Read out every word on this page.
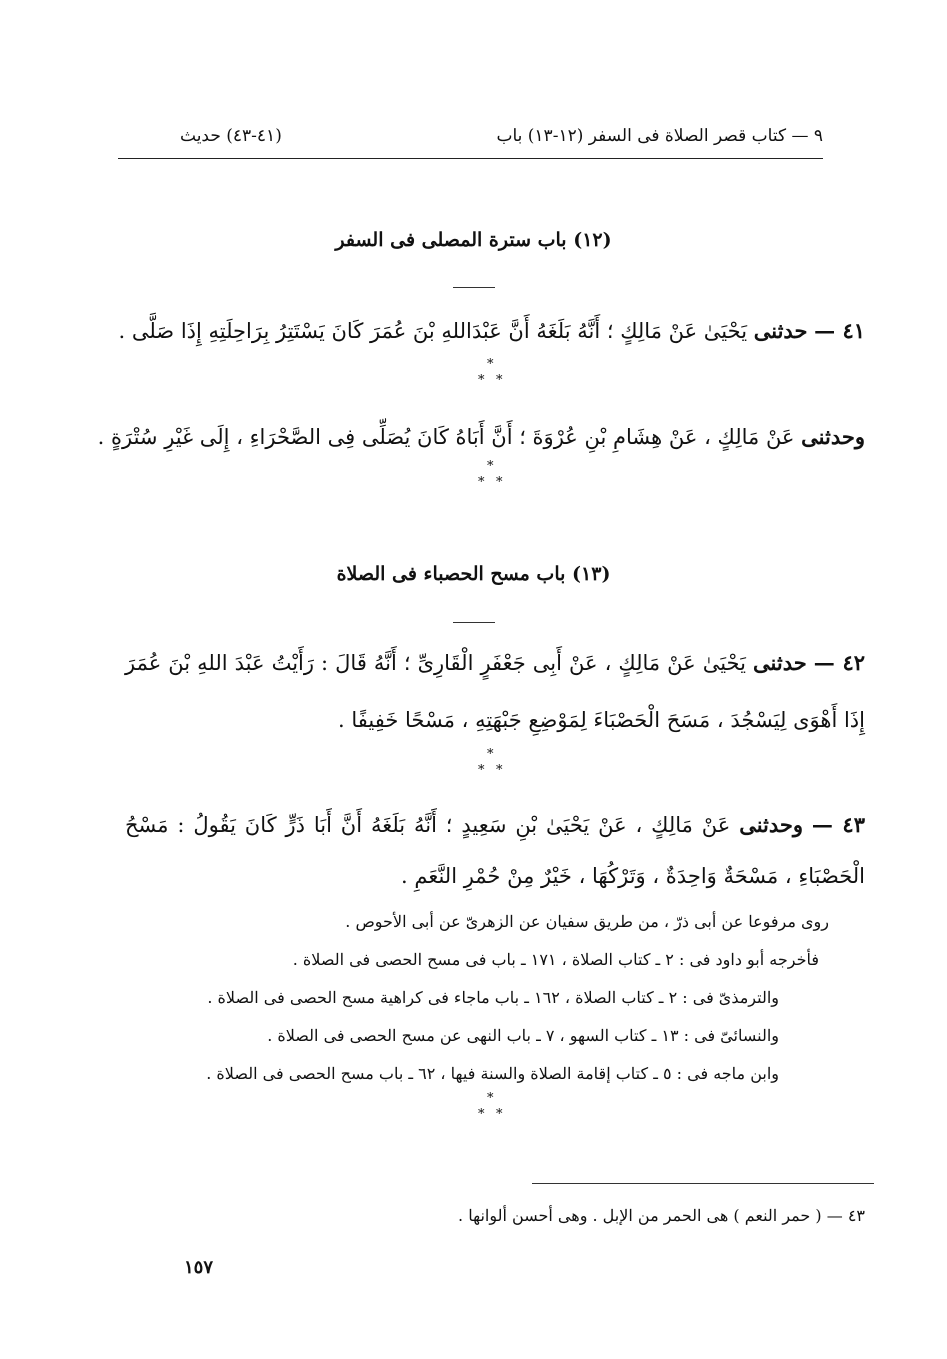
٩ — كتاب قصر الصلاة فى السفر (١٢-١٣) باب
(٤١-٤٣) حديث
(١٢) باب سترة المصلى فى السفر
٤١ — حدثنى يَحْيَىٰ عَنْ مَالِكٍ ؛ أَنَّهُ بَلَغَهُ أَنَّ عَبْدَاللهِ بْنَ عُمَرَ كَانَ يَسْتَتِرُ بِرَاحِلَتِهِ إِذَا صَلَّى .
*
* *
وحدثنى عَنْ مَالِكٍ ، عَنْ هِشَامِ بْنِ عُرْوَةَ ؛ أَنَّ أَبَاهُ كَانَ يُصَلِّى فِى الصَّحْرَاءِ ، إِلَى غَيْرِ سُتْرَةٍ .
*
* *
(١٣) باب مسح الحصباء فى الصلاة
٤٢ — حدثنى يَحْيَىٰ عَنْ مَالِكٍ ، عَنْ أَبِى جَعْفَرٍ الْقَارِىِّ ؛ أَنَّهُ قَالَ : رَأَيْتُ عَبْدَ اللهِ بْنَ عُمَرَ
إِذَا أَهْوَى لِيَسْجُدَ ، مَسَحَ الْحَصْبَاءَ لِمَوْضِعِ جَبْهَتِهِ ، مَسْحًا خَفِيفًا .
*
* *
٤٣ — وحدثنى عَنْ مَالِكٍ ، عَنْ يَحْيَىٰ بْنِ سَعِيدٍ ؛ أَنَّهُ بَلَغَهُ أَنَّ أَبَا ذَرٍّ كَانَ يَقُولُ : مَسْحُ
الْحَصْبَاءِ ، مَسْحَةٌ وَاحِدَةٌ ، وَتَرْكُهَا ، خَيْرٌ مِنْ حُمْرِ النَّعَمِ .
روى مرفوعا عن أبى ذرّ ، من طريق سفيان عن الزهرىّ عن أبى الأحوص .
فأخرجه أبو داود فى : ٢ ـ كتاب الصلاة ، ١٧١ ـ باب فى مسح الحصى فى الصلاة .
والترمذىّ فى : ٢ ـ كتاب الصلاة ، ١٦٢ ـ باب ماجاء فى كراهية مسح الحصى فى الصلاة .
والنسائىّ فى : ١٣ ـ كتاب السهو ، ٧ ـ باب النهى عن مسح الحصى فى الصلاة .
وابن ماجه فى : ٥ ـ كتاب إقامة الصلاة والسنة فيها ، ٦٢ ـ باب مسح الحصى فى الصلاة .
*
* *
٤٣ — ( حمر النعم ) هى الحمر من الإبل . وهى أحسن ألوانها .
١٥٧
